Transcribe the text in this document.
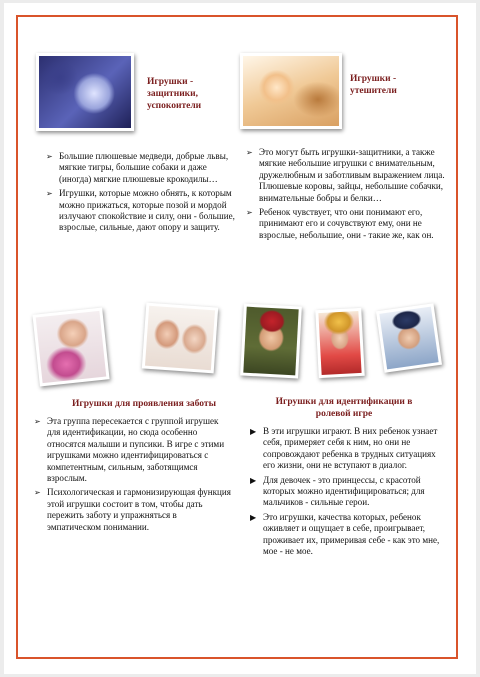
Игрушки - защитники, успокоители
Игрушки - утешители
➢ Большие плюшевые медведи, добрые львы, мягкие тигры, большие собаки и даже (иногда) мягкие плюшевые крокодилы…
➢ Игрушки, которые можно обнять, к которым можно прижаться, которые позой и мордой излучают спокойствие и силу, они - большие, взрослые, сильные, дают опору и защиту.
➢ Это могут быть игрушки-защитники, а также мягкие небольшие игрушки с внимательным, дружелюбным и заботливым выражением лица. Плюшевые коровы, зайцы, небольшие собачки, внимательные бобры и белки…
➢ Ребенок чувствует, что они понимают его, принимают его и сочувствуют ему, они не взрослые, небольшие, они - такие же, как он.
Игрушки для проявления заботы
➢ Эта группа пересекается с группой игрушек для идентификации, но сюда особенно относятся малыши и пупсики. В игре с этими игрушками можно идентифицироваться с компетентным, сильным, заботящимся взрослым.
➢ Психологическая и гармонизирующая функция этой игрушки состоит в том, чтобы дать пережить заботу и упражняться в эмпатическом понимании.
Игрушки для идентификации в ролевой игре
▶ В эти игрушки играют. В них ребенок узнает себя, примеряет себя к ним, но они не сопровождают ребенка в трудных ситуациях его жизни, они не вступают в диалог.
▶ Для девочек - это принцессы, с красотой которых можно идентифицироваться; для мальчиков - сильные герои.
▶ Это игрушки, качества которых, ребенок оживляет и ощущает в себе, проигрывает, проживает их, примеривая себе - как это мне, мое - не мое.
